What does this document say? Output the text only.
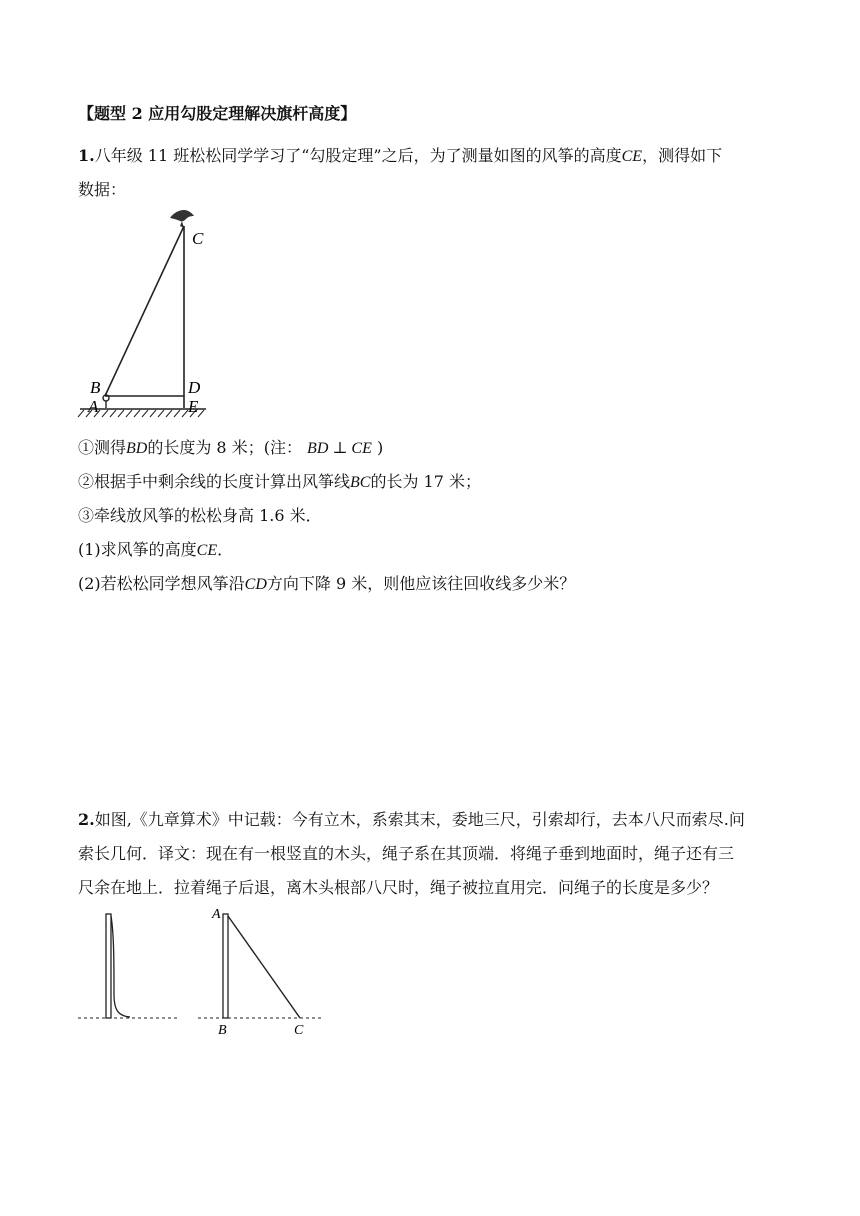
【题型 2 应用勾股定理解决旗杆高度】
1.八年级 11 班松松同学学习了“勾股定理”之后，为了测量如图的风筝的高度CE，测得如下
数据：
C
B	D
A	E
①测得BD的长度为 8 米；(注： BD ⊥ CE )
②根据手中剩余线的长度计算出风筝线BC的长为 17 米；
③牵线放风筝的松松身高 1.6 米．
(1)求风筝的高度CE．
(2)若松松同学想风筝沿CD方向下降 9 米，则他应该往回收线多少米？
2.如图,《九章算术》中记载：今有立木，系索其末，委地三尺，引索却行，去本八尺而索尽.问
索长几何．译文：现在有一根竖直的木头，绳子系在其顶端．将绳子垂到地面时，绳子还有三
尺余在地上．拉着绳子后退，离木头根部八尺时，绳子被拉直用完．问绳子的长度是多少？
A
B	C
